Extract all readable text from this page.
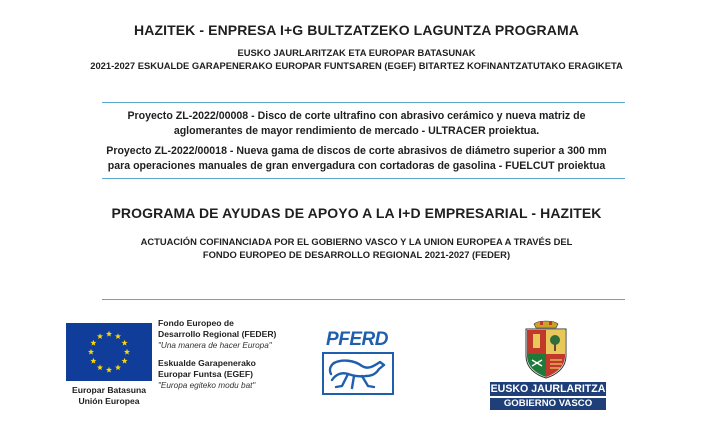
HAZITEK - ENPRESA I+G BULTZATZEKO LAGUNTZA PROGRAMA
EUSKO JAURLARITZAK ETA EUROPAR BATASUNAK
2021-2027 ESKUALDE GARAPENERAKO EUROPAR FUNTSAREN (EGEF) BITARTEZ KOFINANTZATUTAKO ERAGIKETA
Proyecto ZL-2022/00008 - Disco de corte ultrafino con abrasivo cerámico y nueva matriz de
aglomerantes de mayor rendimiento de mercado - ULTRACER proiektua.
Proyecto ZL-2022/00018 - Nueva gama de discos de corte abrasivos de diámetro superior a 300 mm
para operaciones manuales de gran envergadura con cortadoras de gasolina - FUELCUT proiektua
PROGRAMA DE AYUDAS DE APOYO A LA I+D EMPRESARIAL - HAZITEK
ACTUACIÓN COFINANCIADA POR EL GOBIERNO VASCO Y LA UNION EUROPEA A TRAVÉS DEL
FONDO EUROPEO DE DESARROLLO REGIONAL 2021-2027 (FEDER)
Europar Batasuna
Unión Europea
Fondo Europeo de
Desarrollo Regional (FEDER)
"Una manera de hacer Europa"
Eskualde Garapenerako
Europar Funtsa (EGEF)
"Europa egiteko modu bat"
PFERD
EUSKO JAURLARITZA
GOBIERNO VASCO
